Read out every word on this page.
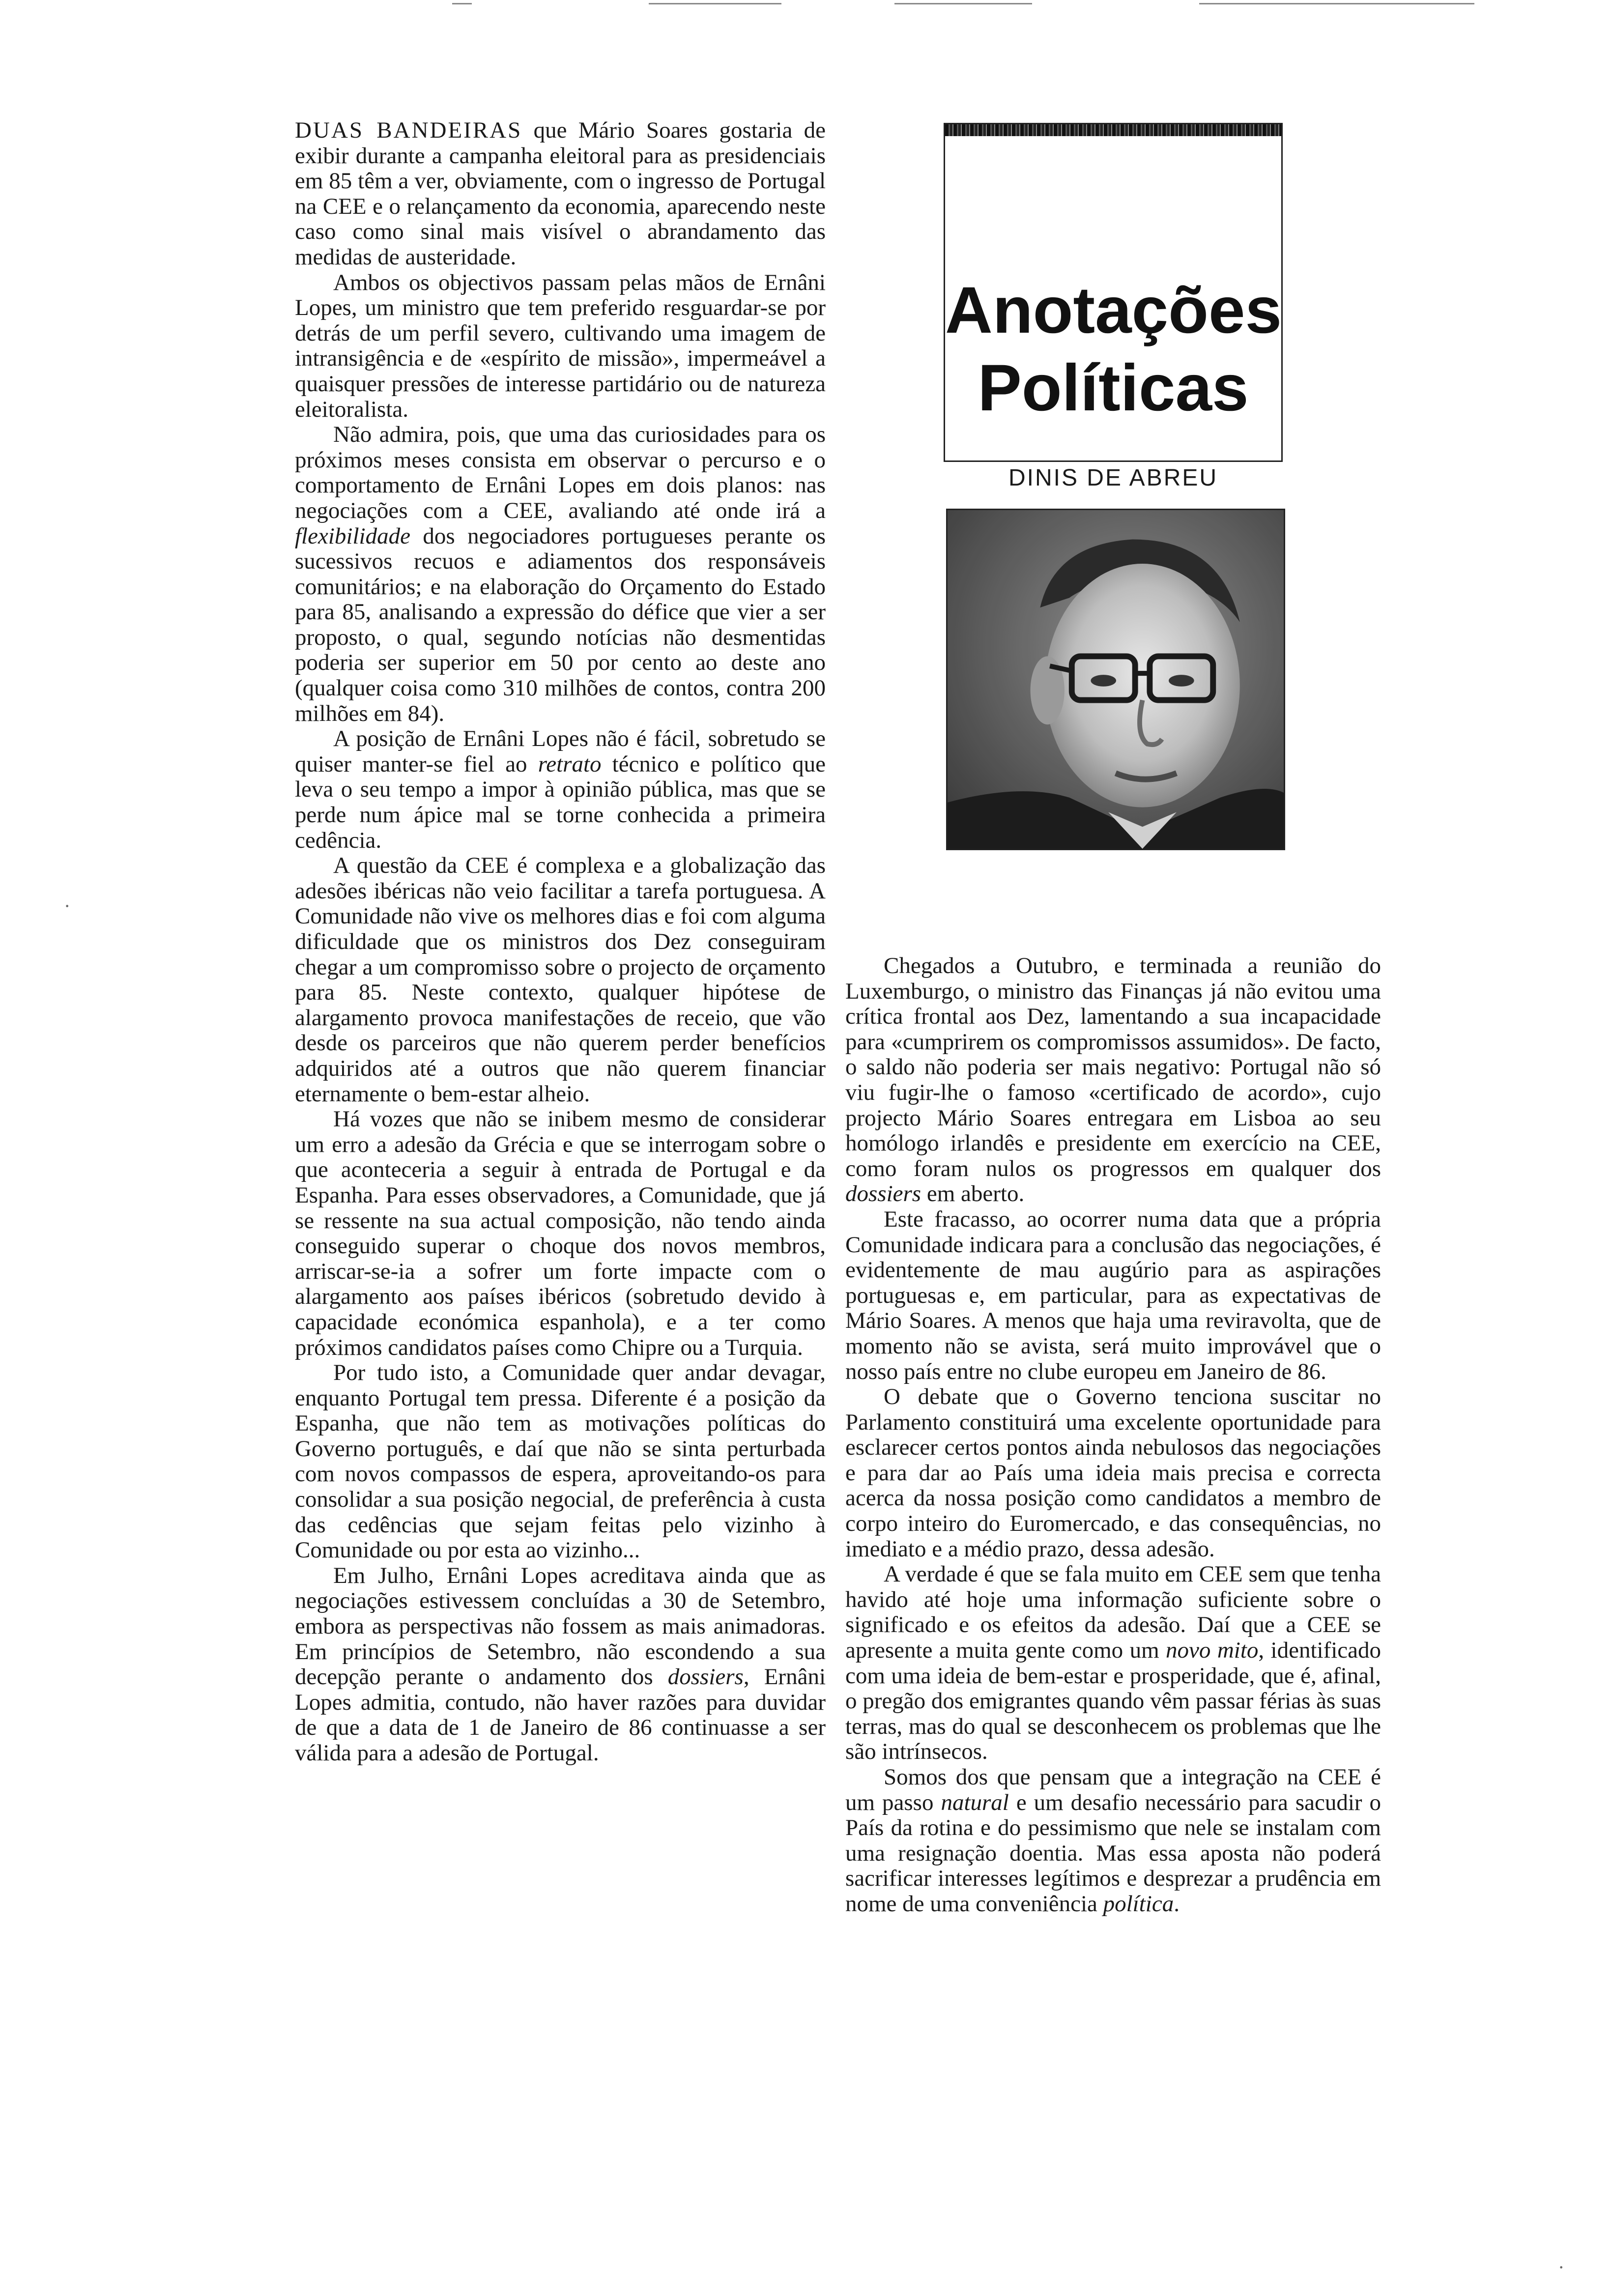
DUAS BANDEIRAS que Mário Soares gostaria de exibir durante a campanha eleitoral para as presidenciais em 85 têm a ver, obviamente, com o ingresso de Portugal na CEE e o relançamento da economia, aparecendo neste caso como sinal mais visível o abrandamento das medidas de austeridade.

Ambos os objectivos passam pelas mãos de Ernâni Lopes, um ministro que tem preferido resguardar-se por detrás de um perfil severo, cultivando uma imagem de intransigência e de «espírito de missão», impermeável a quaisquer pressões de interesse partidário ou de natureza eleitoralista.

Não admira, pois, que uma das curiosidades para os próximos meses consista em observar o percurso e o comportamento de Ernâni Lopes em dois planos: nas negociações com a CEE, avaliando até onde irá a flexibilidade dos negociadores portugueses perante os sucessivos recuos e adiamentos dos responsáveis comunitários; e na elaboração do Orçamento do Estado para 85, analisando a expressão do défice que vier a ser proposto, o qual, segundo notícias não desmentidas poderia ser superior em 50 por cento ao deste ano (qualquer coisa como 310 milhões de contos, contra 200 milhões em 84).

A posição de Ernâni Lopes não é fácil, sobretudo se quiser manter-se fiel ao retrato técnico e político que leva o seu tempo a impor à opinião pública, mas que se perde num ápice mal se torne conhecida a primeira cedência.

A questão da CEE é complexa e a globalização das adesões ibéricas não veio facilitar a tarefa portuguesa. A Comunidade não vive os melhores dias e foi com alguma dificuldade que os ministros dos Dez conseguiram chegar a um compromisso sobre o projecto de orçamento para 85. Neste contexto, qualquer hipótese de alargamento provoca manifestações de receio, que vão desde os parceiros que não querem perder benefícios adquiridos até a outros que não querem financiar eternamente o bem-estar alheio.

Há vozes que não se inibem mesmo de considerar um erro a adesão da Grécia e que se interrogam sobre o que aconteceria a seguir à entrada de Portugal e da Espanha. Para esses observadores, a Comunidade, que já se ressente na sua actual composição, não tendo ainda conseguido superar o choque dos novos membros, arriscar-se-ia a sofrer um forte impacte com o alargamento aos países ibéricos (sobretudo devido à capacidade económica espanhola), e a ter como próximos candidatos países como Chipre ou a Turquia.

Por tudo isto, a Comunidade quer andar devagar, enquanto Portugal tem pressa. Diferente é a posição da Espanha, que não tem as motivações políticas do Governo português, e daí que não se sinta perturbada com novos compassos de espera, aproveitando-os para consolidar a sua posição negocial, de preferência à custa das cedências que sejam feitas pelo vizinho à Comunidade ou por esta ao vizinho...

Em Julho, Ernâni Lopes acreditava ainda que as negociações estivessem concluídas a 30 de Setembro, embora as perspectivas não fossem as mais animadoras. Em princípios de Setembro, não escondendo a sua decepção perante o andamento dos dossiers, Ernâni Lopes admitia, contudo, não haver razões para duvidar de que a data de 1 de Janeiro de 86 continuasse a ser válida para a adesão de Portugal.

Anotações
Políticas
DINIS DE ABREU

Chegados a Outubro, e terminada a reunião do Luxemburgo, o ministro das Finanças já não evitou uma crítica frontal aos Dez, lamentando a sua incapacidade para «cumprirem os compromissos assumidos». De facto, o saldo não poderia ser mais negativo: Portugal não só viu fugir-lhe o famoso «certificado de acordo», cujo projecto Mário Soares entregara em Lisboa ao seu homólogo irlandês e presidente em exercício na CEE, como foram nulos os progressos em qualquer dos dossiers em aberto.

Este fracasso, ao ocorrer numa data que a própria Comunidade indicara para a conclusão das negociações, é evidentemente de mau augúrio para as aspirações portuguesas e, em particular, para as expectativas de Mário Soares. A menos que haja uma reviravolta, que de momento não se avista, será muito improvável que o nosso país entre no clube europeu em Janeiro de 86.

O debate que o Governo tenciona suscitar no Parlamento constituirá uma excelente oportunidade para esclarecer certos pontos ainda nebulosos das negociações e para dar ao País uma ideia mais precisa e correcta acerca da nossa posição como candidatos a membro de corpo inteiro do Euromercado, e das consequências, no imediato e a médio prazo, dessa adesão.

A verdade é que se fala muito em CEE sem que tenha havido até hoje uma informação suficiente sobre o significado e os efeitos da adesão. Daí que a CEE se apresente a muita gente como um novo mito, identificado com uma ideia de bem-estar e prosperidade, que é, afinal, o pregão dos emigrantes quando vêm passar férias às suas terras, mas do qual se desconhecem os problemas que lhe são intrínsecos.

Somos dos que pensam que a integração na CEE é um passo natural e um desafio necessário para sacudir o País da rotina e do pessimismo que nele se instalam com uma resignação doentia. Mas essa aposta não poderá sacrificar interesses legítimos e desprezar a prudência em nome de uma conveniência política.

·
·
